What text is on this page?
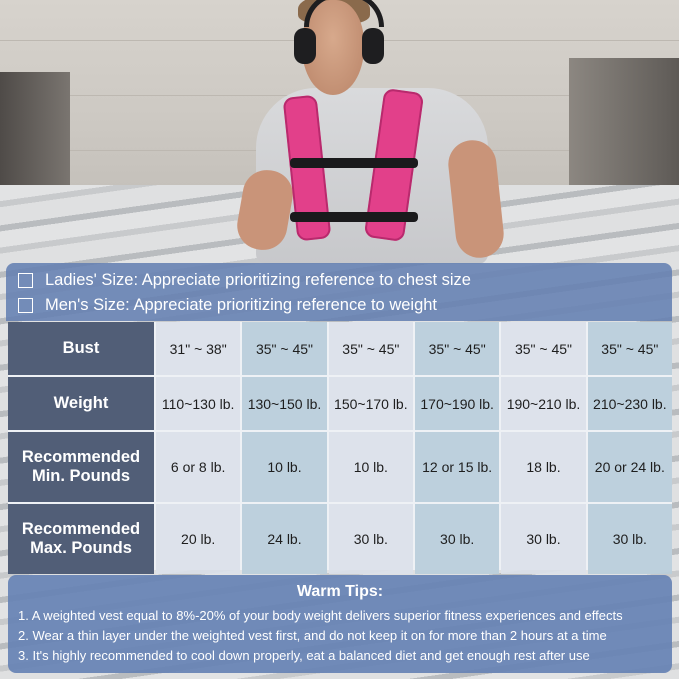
Ladies' Size: Appreciate prioritizing reference to chest size
Men's Size: Appreciate prioritizing reference to weight
Bust	31" ~ 38"	35" ~ 45"	35" ~ 45"	35" ~ 45"	35" ~ 45"	35" ~ 45"
Weight	110~130 lb. 130~150 lb. 150~170 lb. 170~190 lb. 190~210 lb. 210~230 lb.
Recommended
Min. Pounds	6 or 8 lb.	10 lb.	10 lb.	12 or 15 lb.	18 lb.	20 or 24 lb.
Recommended
Max. Pounds	20 lb.	24 lb.	30 lb.	30 lb.	30 lb.	30 lb.
Warm Tips:
1. A weighted vest equal to 8%-20% of your body weight delivers superior fitness experiences and effects
2. Wear a thin layer under the weighted vest first, and do not keep it on for more than 2 hours at a time
3. It's highly recommended to cool down properly, eat a balanced diet and get enough rest after use
